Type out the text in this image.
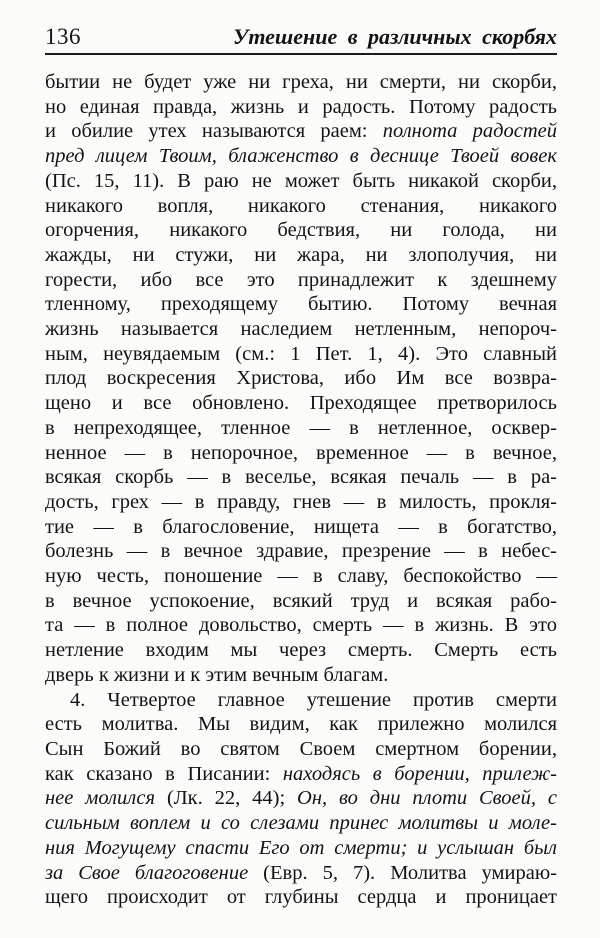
136	Утешение в различных скорбях
бытии не будет уже ни греха, ни смерти, ни скорби,
но единая правда, жизнь и радость. Потому радость
и обилие утех называются раем: полнота радостей
пред лицем Твоим, блаженство в деснице Твоей вовек
(Пс. 15, 11). В раю не может быть никакой скорби,
никакого вопля, никакого стенания, никакого
огорчения, никакого бедствия, ни голода, ни
жажды, ни стужи, ни жара, ни злополучия, ни
горести, ибо все это принадлежит к здешнему
тленному, преходящему бытию. Потому вечная
жизнь называется наследием нетленным, непороч-
ным, неувядаемым (см.: 1 Пет. 1, 4). Это славный
плод воскресения Христова, ибо Им все возвра-
щено и все обновлено. Преходящее претворилось
в непреходящее, тленное — в нетленное, осквер-
ненное — в непорочное, временное — в вечное,
всякая скорбь — в веселье, всякая печаль — в ра-
дость, грех — в правду, гнев — в милость, прокля-
тие — в благословение, нищета — в богатство,
болезнь — в вечное здравие, презрение — в небес-
ную честь, поношение — в славу, беспокойство —
в вечное успокоение, всякий труд и всякая рабо-
та — в полное довольство, смерть — в жизнь. В это
нетление входим мы через смерть. Смерть есть
дверь к жизни и к этим вечным благам.
4. Четвертое главное утешение против смерти
есть молитва. Мы видим, как прилежно молился
Сын Божий во святом Своем смертном борении,
как сказано в Писании: находясь в борении, прилеж-
нее молился (Лк. 22, 44); Он, во дни плоти Своей, с
сильным воплем и со слезами принес молитвы и моле-
ния Могущему спасти Его от смерти; и услышан был
за Свое благоговение (Евр. 5, 7). Молитва умираю-
щего происходит от глубины сердца и проницает
